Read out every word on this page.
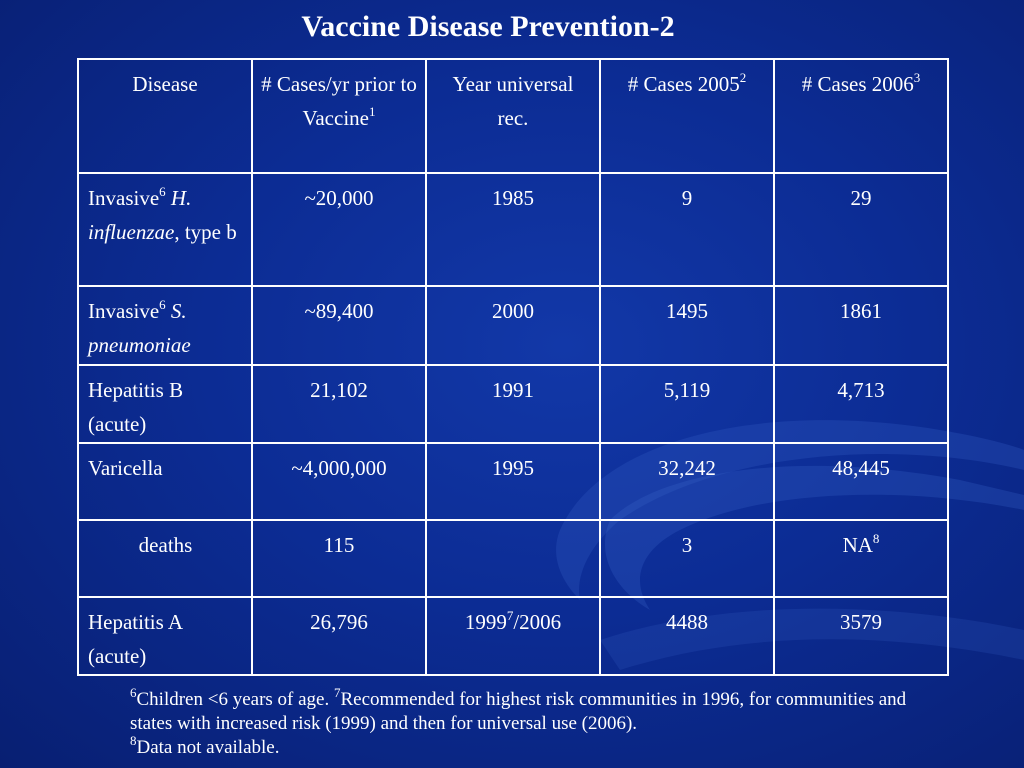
Vaccine Disease Prevention-2
Disease	# Cases/yr prior to Vaccine$^1$	Year universal rec.	# Cases 2005$^2$	# Cases 2006$^3$
Invasive$^6$ H. influenzae, type b	~20,000	1985	9	29
Invasive$^6$ S. pneumoniae	~89,400	2000	1495	1861
Hepatitis B (acute)	21,102	1991	5,119	4,713
Varicella	~4,000,000	1995	32,242	48,445
deaths	115		3	$NA^8$
Hepatitis A (acute)	26,796	1999$^7$/2006	4488	3579
$^6$Children <6 years of age. $^7$Recommended for highest risk communities in 1996, for communities and states with increased risk (1999) and then for universal use (2006).
$^8$Data not available.
